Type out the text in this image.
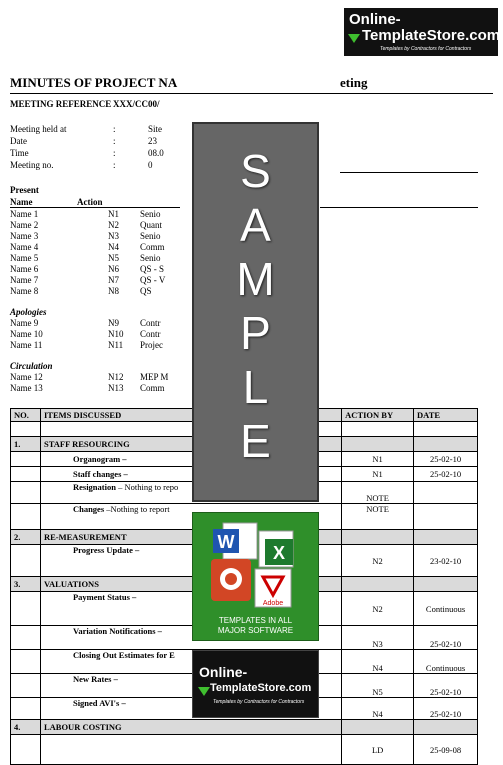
Online-
TemplateStore.com
Templates by Contractors for Contractors
MINUTES OF PROJECT NA	eting
MEETING REFERENCE XXX/CC00/
Meeting held at	:	Site
Date	:	23
Time	:	08.0
Meeting no.	:	0
Present
Name	Action
Name 1	N1 Senio
Name 2	N2 Quant
Name 3	N3 Senio
Name 4	N4 Comm
Name 5	N5 Senio
Name 6	N6 QS - S
Name 7	N7 QS - V
Name 8	N8 QS
Apologies
Name 9	N9 Contr
Name 10	N10 Contr
Name 11	N11 Projec
Circulation
Name 12	N12 MEP M
Name 13	N13 Comm
NO.	ITEMS DISCUSSED	ACTION BY	DATE

1.	STAFF RESOURCING		
	Organogram –	N1	25-02-10
	Staff changes –	N1	25-02-10
	Resignation – Nothing to repo	NOTE	
	Changes –Nothing to report	NOTE	
2.	RE-MEASUREMENT		
	Progress Update –	N2	23-02-10
3.	VALUATIONS		
	Payment Status –	N2	Continuous
	Variation Notifications –	N3	25-02-10
	Closing Out Estimates for E	N4	Continuous
	New Rates –	N5	25-02-10
	Signed AVI's –	N4	25-02-10
4.	LABOUR COSTING		
		LD	25-09-08
S
A
M
P
L
E
W
X
Adobe
TEMPLATES IN ALL
MAJOR SOFTWARE
Online-
TemplateStore.com
Templates by Contractors for Contractors
